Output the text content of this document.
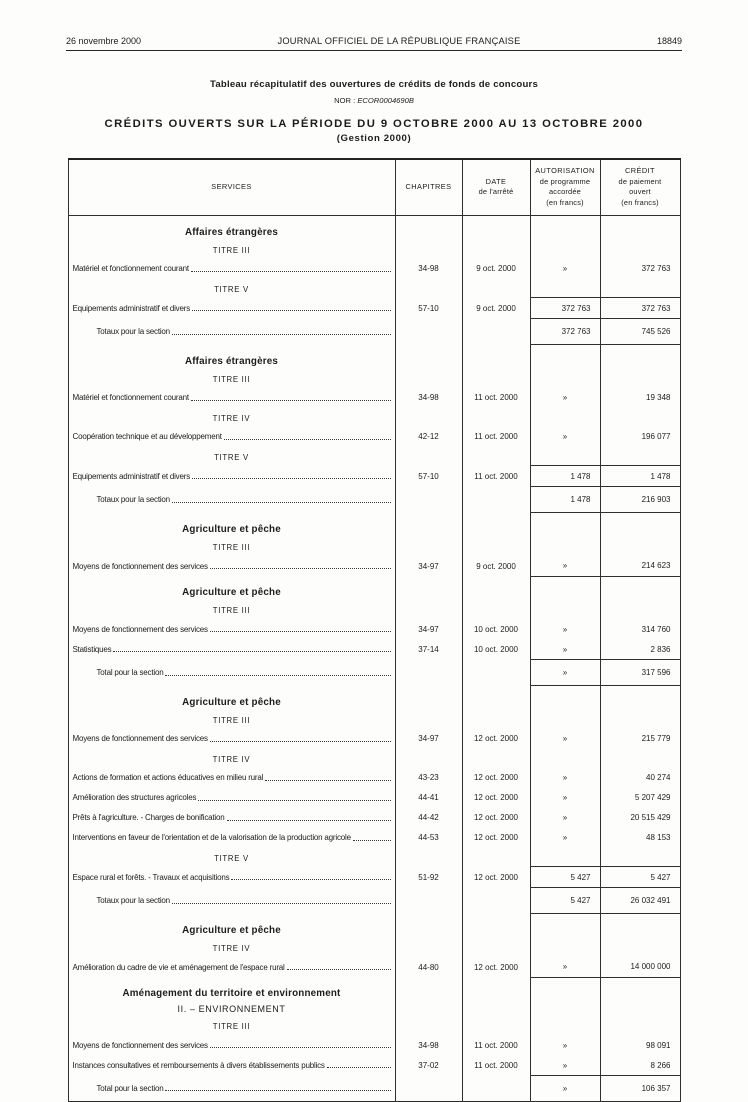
26 novembre 2000	JOURNAL OFFICIEL DE LA RÉPUBLIQUE FRANÇAISE	18849
Tableau récapitulatif des ouvertures de crédits de fonds de concours
NOR : ECOR0004690B
CRÉDITS OUVERTS SUR LA PÉRIODE DU 9 OCTOBRE 2000 AU 13 OCTOBRE 2000
(Gestion 2000)
SERVICES	CHAPITRES

DATE
de l'arrêté

AUTORISATION
de programme
accordée
(en francs)

CRÉDIT
de paiement
ouvert
(en francs)

Affaires étrangères				
TITRE III				

Matériel et fonctionnement courant	34-98	9 oct. 2000	»	372 763
TITRE V				

Equipements administratif et divers	57-10	9 oct. 2000	372 763	372 763

Totaux pour la section			372 763	745 526
Affaires étrangères				
TITRE III				

Matériel et fonctionnement courant	34-98	11 oct. 2000	»	19 348
TITRE IV				

Coopération technique et au développement	42-12	11 oct. 2000	»	196 077
TITRE V				

Equipements administratif et divers	57-10	11 oct. 2000	1 478	1 478

Totaux pour la section			1 478	216 903
Agriculture et pêche				
TITRE III				

Moyens de fonctionnement des services	34-97	9 oct. 2000	»	214 623
Agriculture et pêche				
TITRE III				

Moyens de fonctionnement des services	34-97	10 oct. 2000	»	314 760

Statistiques	37-14	10 oct. 2000	»	2 836

Total pour la section			»	317 596
Agriculture et pêche				
TITRE III				

Moyens de fonctionnement des services	34-97	12 oct. 2000	»	215 779
TITRE IV				

Actions de formation et actions éducatives en milieu rural	43-23	12 oct. 2000	»	40 274

Amélioration des structures agricoles	44-41	12 oct. 2000	»	5 207 429

Prêts à l'agriculture. - Charges de bonification	44-42	12 oct. 2000	»	20 515 429

Interventions en faveur de l'orientation et de la valorisation de la production agricole	44-53	12 oct. 2000	»	48 153
TITRE V				

Espace rural et forêts. - Travaux et acquisitions	51-92	12 oct. 2000	5 427	5 427

Totaux pour la section			5 427	26 032 491
Agriculture et pêche				
TITRE IV				

Amélioration du cadre de vie et aménagement de l'espace rural	44-80	12 oct. 2000	»	14 000 000
Aménagement du territoire et environnement				
II. – ENVIRONNEMENT				
TITRE III				

Moyens de fonctionnement des services	34-98	11 oct. 2000	»	98 091

Instances consultatives et remboursements à divers établissements publics	37-02	11 oct. 2000	»	8 266

Total pour la section			»	106 357
